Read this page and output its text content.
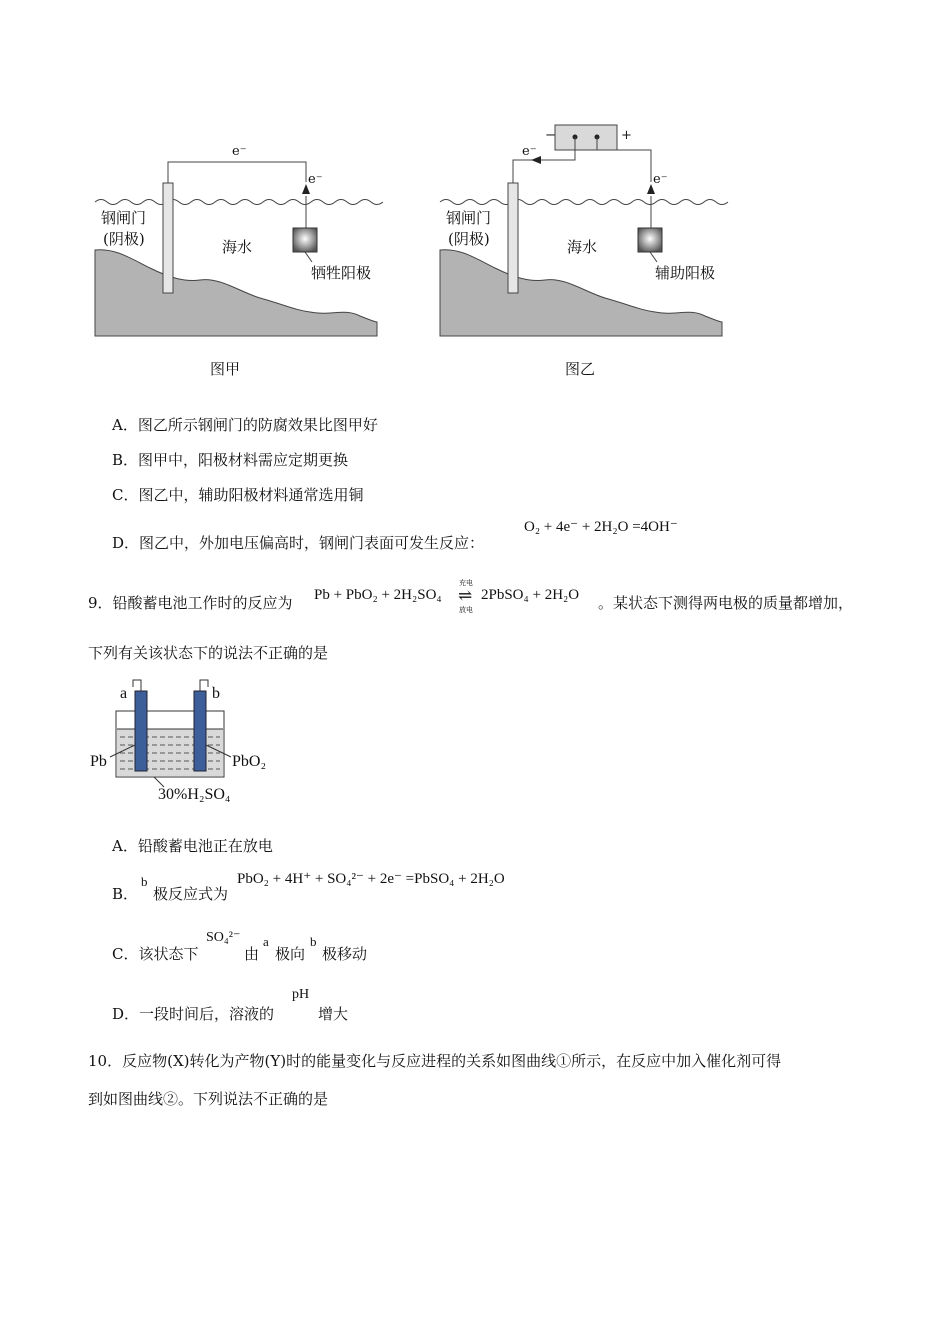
e⁻
e⁻
钢闸门
(阴极)	海水
牺牲阳极
图甲
−	+
e⁻
e⁻
钢闸门
(阴极)	海水
辅助阳极
图乙
A．图乙所示钢闸门的防腐效果比图甲好
B．图甲中，阳极材料需应定期更换
C．图乙中，辅助阳极材料通常选用铜
D．图乙中，外加电压偏高时，钢闸门表面可发生反应：
O₂ + 4e⁻ + 2H₂O =4OH⁻
9．铅酸蓄电池工作时的反应为 Pb + PbO₂ + 2H₂SO₄
充电
⇌
放电
2PbSO₄ + 2H₂O 。某状态下测得两电极的质量都增加，
下列有关该状态下的说法不正确的是
a	b
Pb	PbO₂
30%H₂SO₄
A．铅酸蓄电池正在放电
B．
b
极反应式为
PbO₂ + 4H⁺ + SO₄²⁻ + 2e⁻ =PbSO₄ + 2H₂O
C．该状态下
SO₄²⁻
由
a
极向
b
极移动
D．一段时间后，溶液的
pH
增大
10．反应物(X)转化为产物(Y)时的能量变化与反应进程的关系如图曲线①所示，在反应中加入催化剂可得
到如图曲线②。下列说法不正确的是
